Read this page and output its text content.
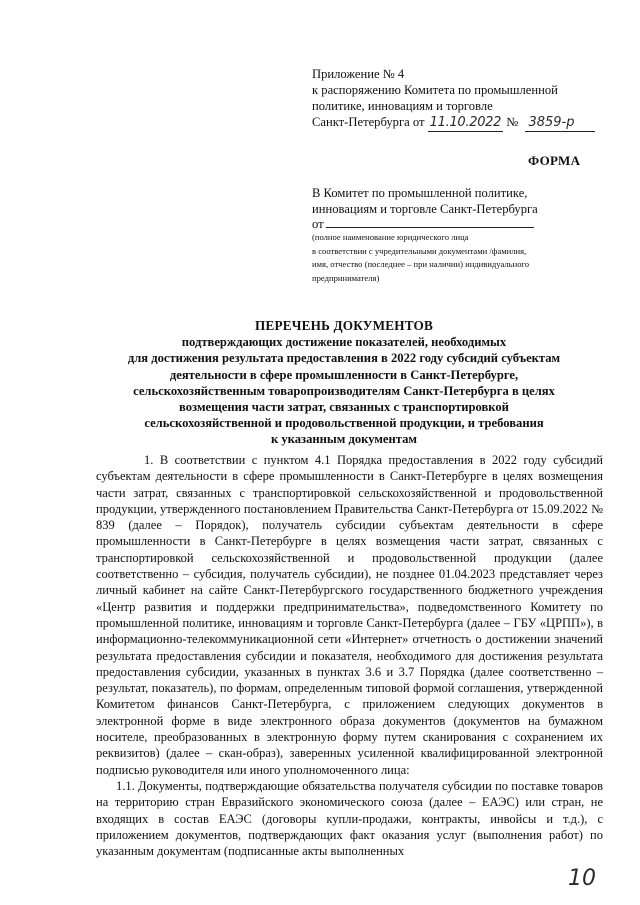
Приложение № 4
к распоряжению Комитета по промышленной
политике, инновациям и торговле
Санкт-Петербурга от 11.10.2022 № 3859-р
ФОРМА
В Комитет по промышленной политике,
инновациям и торговле Санкт-Петербурга
от
(полное наименование юридического лица
в соответствии с учредительными документами /фамилия,
имя, отчество (последнее – при наличии) индивидуального
предпринимателя)
ПЕРЕЧЕНЬ ДОКУМЕНТОВ
подтверждающих достижение показателей, необходимых
для достижения результата предоставления в 2022 году субсидий субъектам
деятельности в сфере промышленности в Санкт-Петербурге,
сельскохозяйственным товаропроизводителям Санкт-Петербурга в целях
возмещения части затрат, связанных с транспортировкой
сельскохозяйственной и продовольственной продукции, и требования
к указанным документам

1. В соответствии с пунктом 4.1 Порядка предоставления в 2022 году субсидий субъектам деятельности в сфере промышленности в Санкт-Петербурге в целях возмещения части затрат, связанных с транспортировкой сельскохозяйственной и продовольственной продукции, утвержденного постановлением Правительства Санкт-Петербурга от 15.09.2022 № 839 (далее – Порядок), получатель субсидии субъектам деятельности в сфере промышленности в Санкт-Петербурге в целях возмещения части затрат, связанных с транспортировкой сельскохозяйственной и продовольственной продукции (далее соответственно – субсидия, получатель субсидии), не позднее 01.04.2023 представляет через личный кабинет на сайте Санкт-Петербургского государственного бюджетного учреждения «Центр развития и поддержки предпринимательства», подведомственного Комитету по промышленной политике, инновациям и торговле Санкт-Петербурга (далее – ГБУ «ЦРПП»), в информационно-телекоммуникационной сети «Интернет» отчетность о достижении значений результата предоставления субсидии и показателя, необходимого для достижения результата предоставления субсидии, указанных в пунктах 3.6 и 3.7 Порядка (далее соответственно – результат, показатель), по формам, определенным типовой формой соглашения, утвержденной Комитетом финансов Санкт-Петербурга, с приложением следующих документов в электронной форме в виде электронного образа документов (документов на бумажном носителе, преобразованных в электронную форму путем сканирования с сохранением их реквизитов) (далее – скан-образ), заверенных усиленной квалифицированной электронной подписью руководителя или иного уполномоченного лица:

1.1. Документы, подтверждающие обязательства получателя субсидии по поставке товаров на территорию стран Евразийского экономического союза (далее – ЕАЭС) или стран, не входящих в состав ЕАЭС (договоры купли-продажи, контракты, инвойсы и т.д.), с приложением документов, подтверждающих факт оказания услуг (выполнения работ) по указанным документам (подписанные акты выполненных

10
